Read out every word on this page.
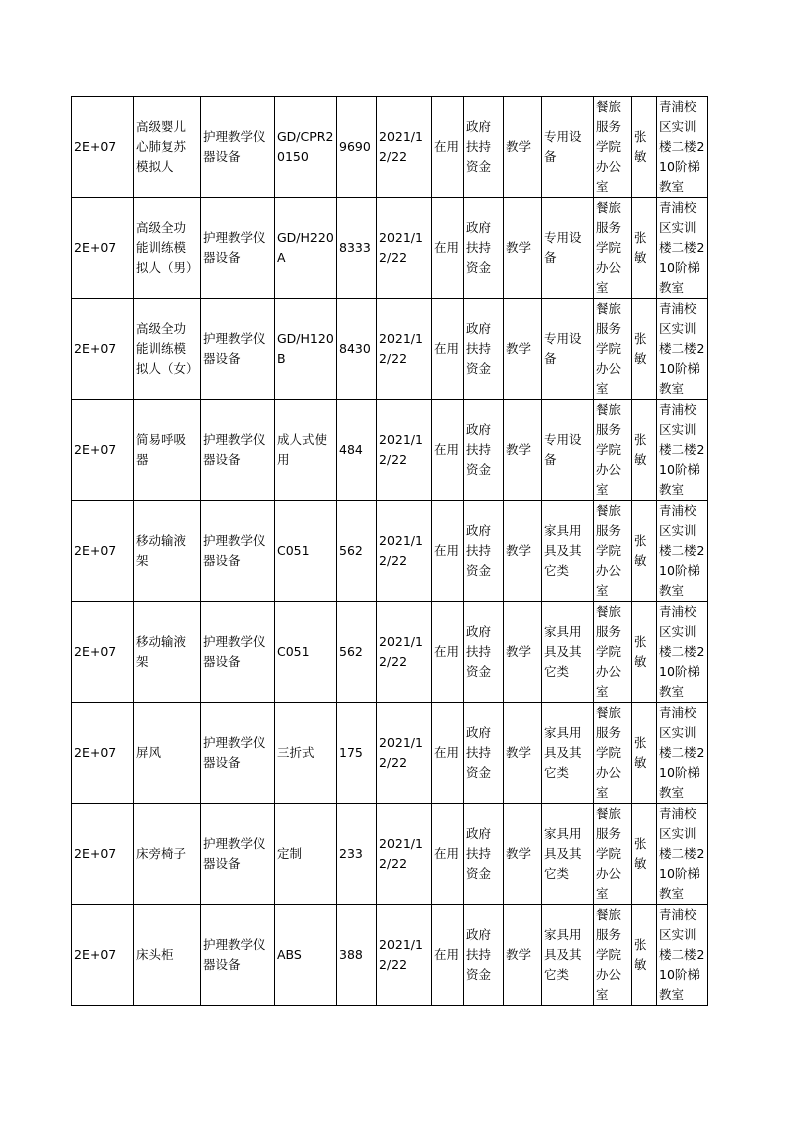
2E+07	高级婴儿心肺复苏模拟人	护理教学仪器设备	GD/CPR20150	9690	2021/12/22	在用	政府扶持资金	教学	专用设备	餐旅服务学院办公室	张敏	青浦校区实训楼二楼210阶梯教室
2E+07	高级全功能训练模拟人（男）	护理教学仪器设备	GD/H220A	8333	2021/12/22	在用	政府扶持资金	教学	专用设备	餐旅服务学院办公室	张敏	青浦校区实训楼二楼210阶梯教室
2E+07	高级全功能训练模拟人（女）	护理教学仪器设备	GD/H120B	8430	2021/12/22	在用	政府扶持资金	教学	专用设备	餐旅服务学院办公室	张敏	青浦校区实训楼二楼210阶梯教室
2E+07	简易呼吸器	护理教学仪器设备	成人式使用	484	2021/12/22	在用	政府扶持资金	教学	专用设备	餐旅服务学院办公室	张敏	青浦校区实训楼二楼210阶梯教室
2E+07	移动输液架	护理教学仪器设备	C051	562	2021/12/22	在用	政府扶持资金	教学	家具用具及其它类	餐旅服务学院办公室	张敏	青浦校区实训楼二楼210阶梯教室
2E+07	移动输液架	护理教学仪器设备	C051	562	2021/12/22	在用	政府扶持资金	教学	家具用具及其它类	餐旅服务学院办公室	张敏	青浦校区实训楼二楼210阶梯教室
2E+07	屏风	护理教学仪器设备	三折式	175	2021/12/22	在用	政府扶持资金	教学	家具用具及其它类	餐旅服务学院办公室	张敏	青浦校区实训楼二楼210阶梯教室
2E+07	床旁椅子	护理教学仪器设备	定制	233	2021/12/22	在用	政府扶持资金	教学	家具用具及其它类	餐旅服务学院办公室	张敏	青浦校区实训楼二楼210阶梯教室
2E+07	床头柜	护理教学仪器设备	ABS	388	2021/12/22	在用	政府扶持资金	教学	家具用具及其它类	餐旅服务学院办公室	张敏	青浦校区实训楼二楼210阶梯教室
